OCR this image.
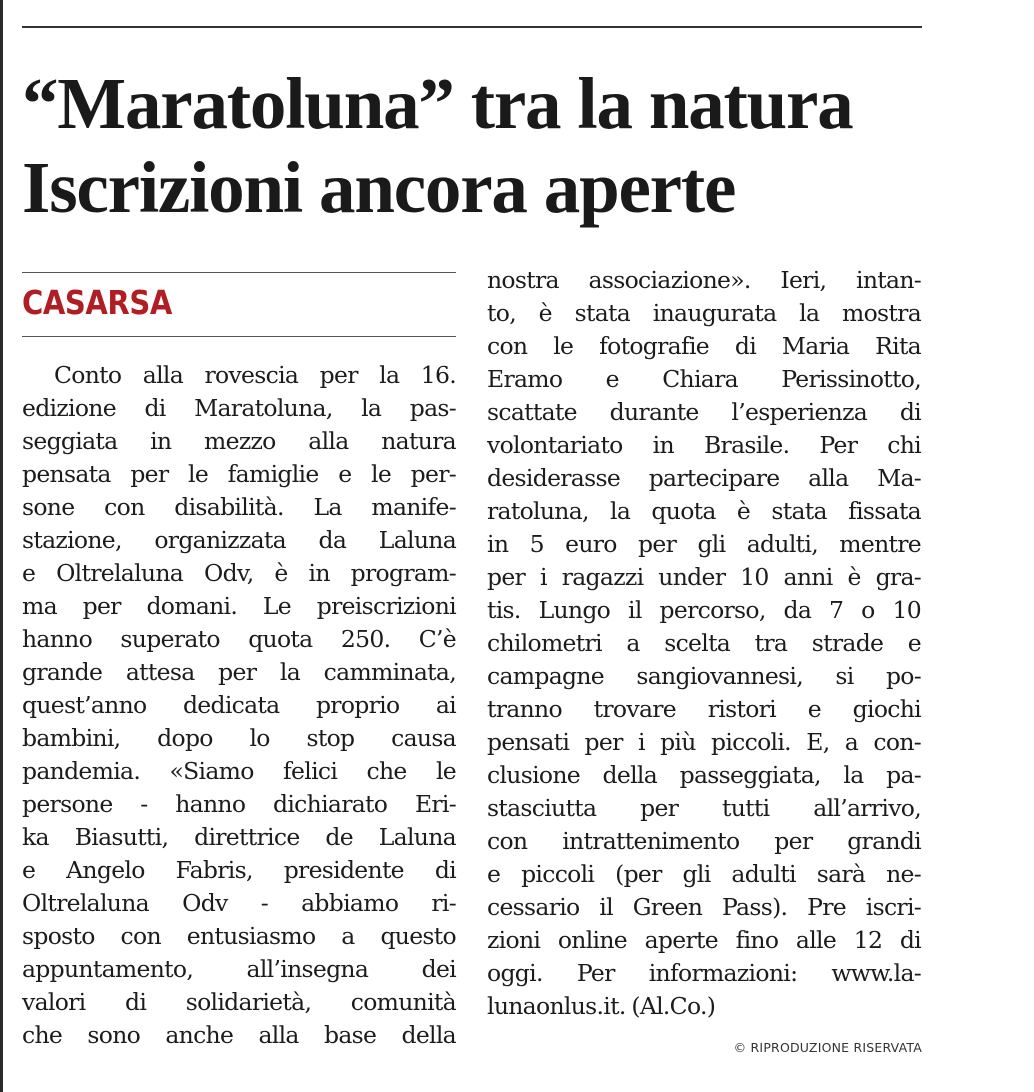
“Maratoluna” tra la natura
Iscrizioni ancora aperte
CASARSA
Conto alla rovescia per la 16.
edizione di Maratoluna, la pas-
seggiata in mezzo alla natura
pensata per le famiglie e le per-
sone con disabilità. La manife-
stazione, organizzata da Laluna
e Oltrelaluna Odv, è in program-
ma per domani. Le preiscrizioni
hanno superato quota 250. C’è
grande attesa per la camminata,
quest’anno dedicata proprio ai
bambini, dopo lo stop causa
pandemia. «Siamo felici che le
persone - hanno dichiarato Eri-
ka Biasutti, direttrice de Laluna
e Angelo Fabris, presidente di
Oltrelaluna Odv - abbiamo ri-
sposto con entusiasmo a questo
appuntamento, all’insegna dei
valori di solidarietà, comunità
che sono anche alla base della
nostra associazione». Ieri, intan-
to, è stata inaugurata la mostra
con le fotografie di Maria Rita
Eramo e Chiara Perissinotto,
scattate durante l’esperienza di
volontariato in Brasile. Per chi
desiderasse partecipare alla Ma-
ratoluna, la quota è stata fissata
in 5 euro per gli adulti, mentre
per i ragazzi under 10 anni è gra-
tis. Lungo il percorso, da 7 o 10
chilometri a scelta tra strade e
campagne sangiovannesi, si po-
tranno trovare ristori e giochi
pensati per i più piccoli. E, a con-
clusione della passeggiata, la pa-
stasciutta per tutti all’arrivo,
con intrattenimento per grandi
e piccoli (per gli adulti sarà ne-
cessario il Green Pass). Pre iscri-
zioni online aperte fino alle 12 di
oggi. Per informazioni: www.la-
lunaonlus.it. (Al.Co.)
© RIPRODUZIONE RISERVATA
